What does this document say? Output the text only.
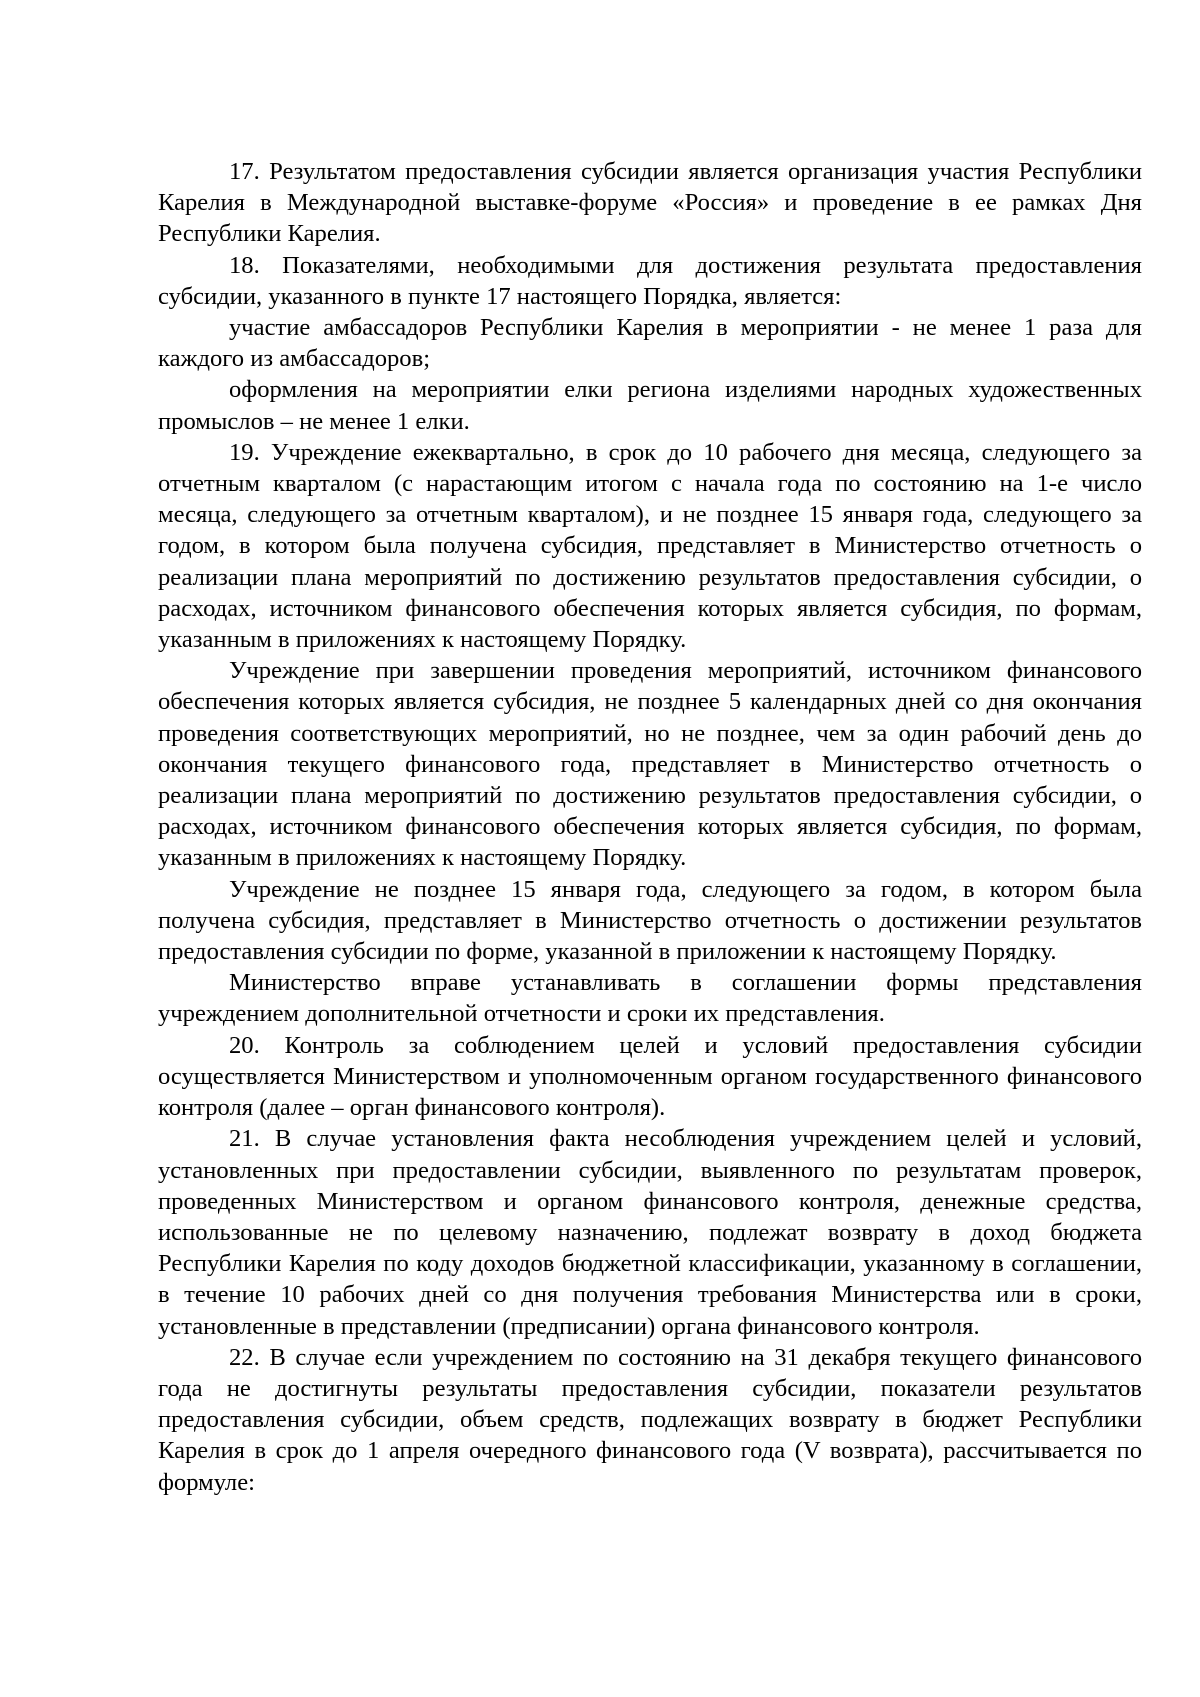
17. Результатом предоставления субсидии является организация участия Республики Карелия в Международной выставке-форуме «Россия» и проведение в ее рамках Дня Республики Карелия.

18. Показателями, необходимыми для достижения результата предоставления субсидии, указанного в пункте 17 настоящего Порядка, является:

участие амбассадоров Республики Карелия в мероприятии - не менее 1 раза для каждого из амбассадоров;

оформления на мероприятии елки региона изделиями народных художественных промыслов – не менее 1 елки.

19. Учреждение ежеквартально, в срок до 10 рабочего дня месяца, следующего за отчетным кварталом (с нарастающим итогом с начала года по состоянию на 1-е число месяца, следующего за отчетным кварталом), и не позднее 15 января года, следующего за годом, в котором была получена субсидия, представляет в Министерство отчетность о реализации плана мероприятий по достижению результатов предоставления субсидии, о расходах, источником финансового обеспечения которых является субсидия, по формам, указанным в приложениях к настоящему Порядку.

Учреждение при завершении проведения мероприятий, источником финансового обеспечения которых является субсидия, не позднее 5 календарных дней со дня окончания проведения соответствующих мероприятий, но не позднее, чем за один рабочий день до окончания текущего финансового года, представляет в Министерство отчетность о реализации плана мероприятий по достижению результатов предоставления субсидии, о расходах, источником финансового обеспечения которых является субсидия, по формам, указанным в приложениях к настоящему Порядку.

Учреждение не позднее 15 января года, следующего за годом, в котором была получена субсидия, представляет в Министерство отчетность о достижении результатов предоставления субсидии по форме, указанной в приложении к настоящему Порядку.

Министерство вправе устанавливать в соглашении формы представления учреждением дополнительной отчетности и сроки их представления.

20. Контроль за соблюдением целей и условий предоставления субсидии осуществляется Министерством и уполномоченным органом государственного финансового контроля (далее – орган финансового контроля).

21. В случае установления факта несоблюдения учреждением целей и условий, установленных при предоставлении субсидии, выявленного по результатам проверок, проведенных Министерством и органом финансового контроля, денежные средства, использованные не по целевому назначению, подлежат возврату в доход бюджета Республики Карелия по коду доходов бюджетной классификации, указанному в соглашении, в течение 10 рабочих дней со дня получения требования Министерства или в сроки, установленные в представлении (предписании) органа финансового контроля.

22. В случае если учреждением по состоянию на 31 декабря текущего финансового года не достигнуты результаты предоставления субсидии, показатели результатов предоставления субсидии, объем средств, подлежащих возврату в бюджет Республики Карелия в срок до 1 апреля очередного финансового года (V возврата), рассчитывается по формуле:
